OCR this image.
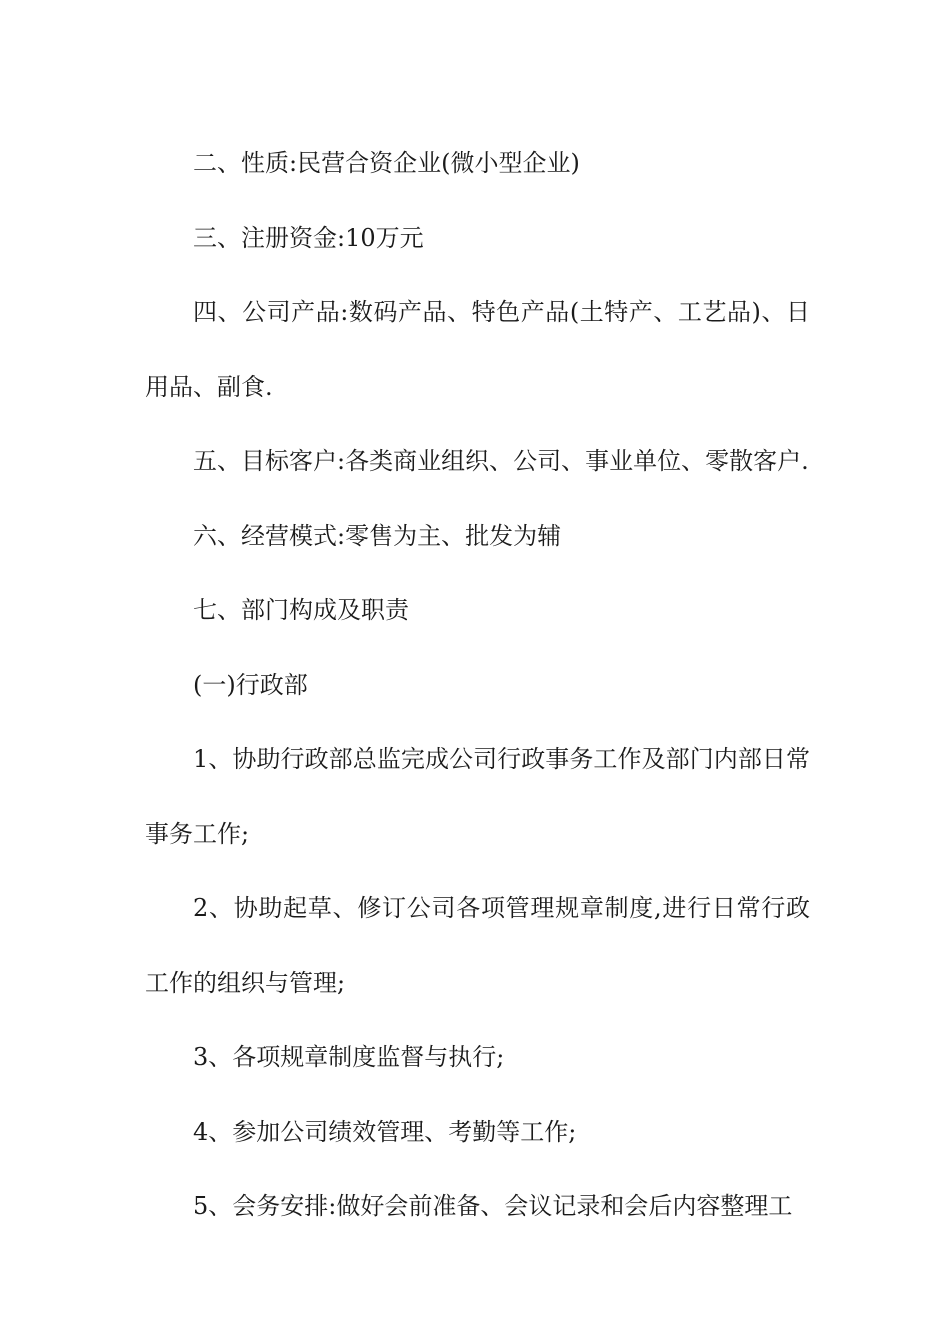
二、性质:民营合资企业(微小型企业)

三、注册资金:10万元

四、公司产品:数码产品、特色产品(土特产、工艺品)、日用品、副食.

五、目标客户:各类商业组织、公司、事业单位、零散客户.

六、经营模式:零售为主、批发为辅

七、部门构成及职责

(一)行政部

1、协助行政部总监完成公司行政事务工作及部门内部日常事务工作;

2、协助起草、修订公司各项管理规章制度,进行日常行政工作的组织与管理;

3、各项规章制度监督与执行;

4、参加公司绩效管理、考勤等工作;

5、会务安排:做好会前准备、会议记录和会后内容整理工
